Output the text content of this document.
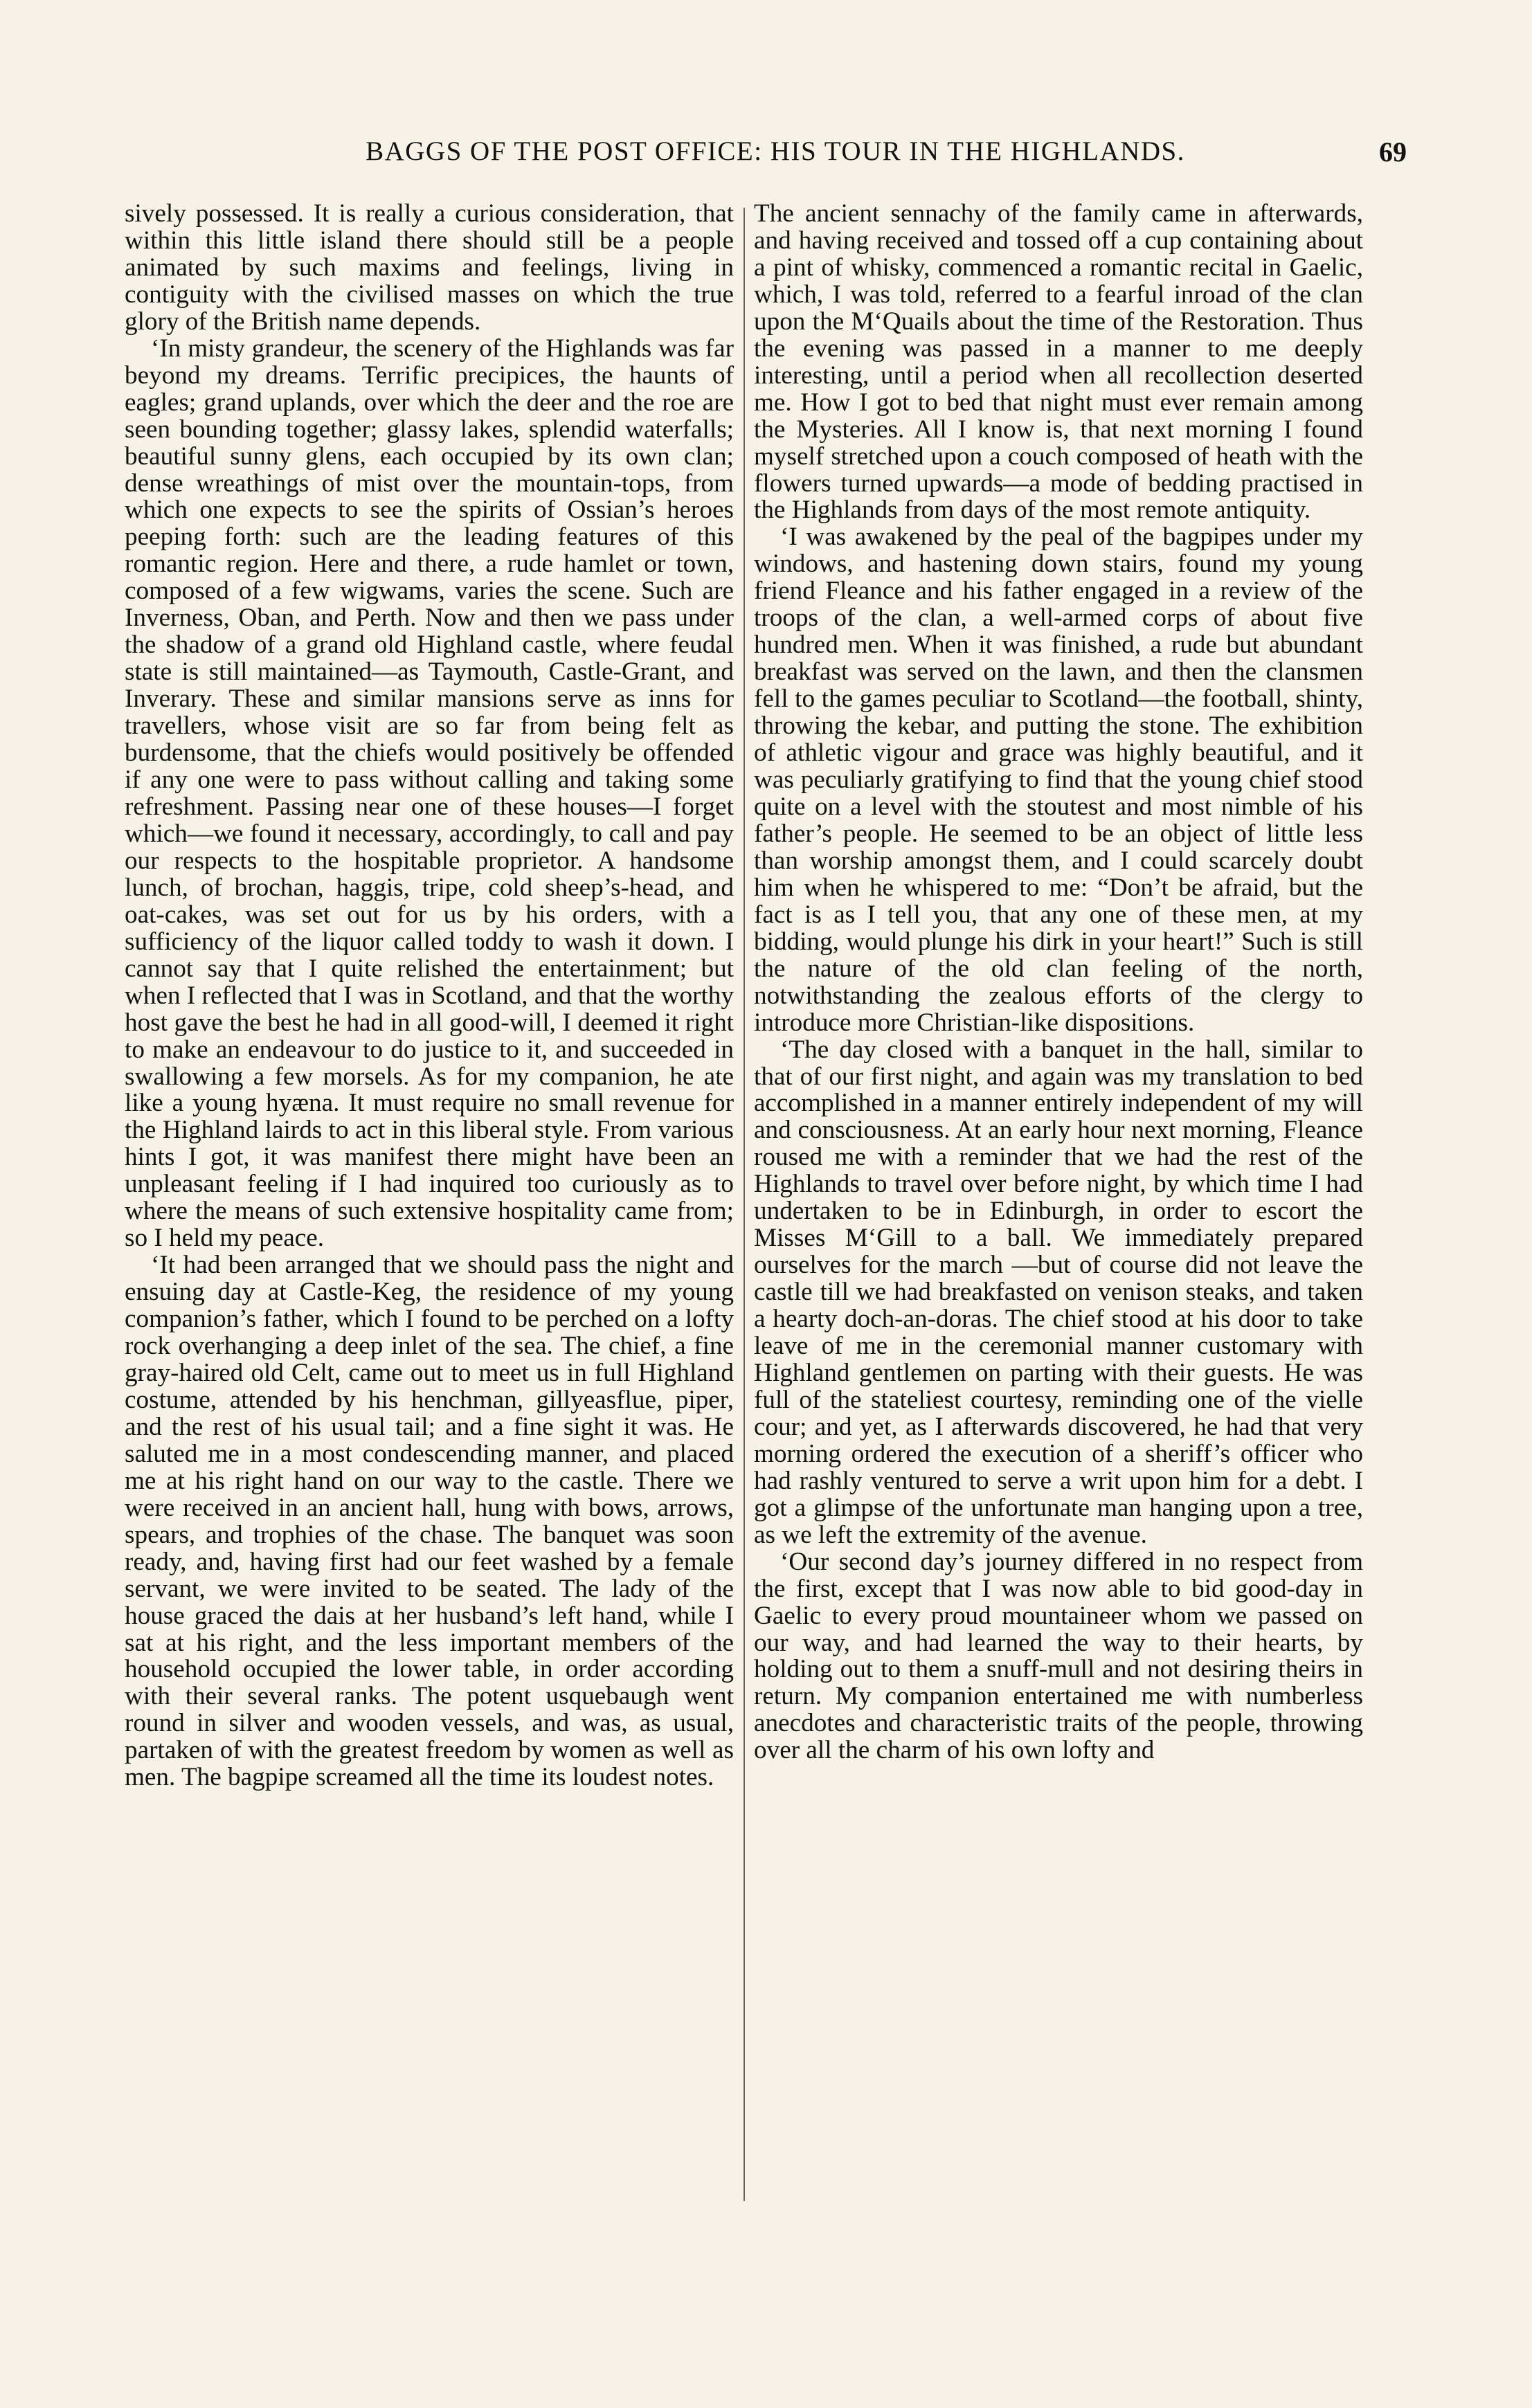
BAGGS OF THE POST OFFICE: HIS TOUR IN THE HIGHLANDS.	69

sively possessed. It is really a curious consideration, that within this little island there should still be a people animated by such maxims and feelings, living in contiguity with the civilised masses on which the true glory of the British name depends.

‘In misty grandeur, the scenery of the Highlands was far beyond my dreams. Terrific precipices, the haunts of eagles; grand uplands, over which the deer and the roe are seen bounding together; glassy lakes, splendid waterfalls; beautiful sunny glens, each occupied by its own clan; dense wreathings of mist over the mountain-tops, from which one expects to see the spirits of Ossian’s heroes peeping forth: such are the leading features of this romantic region. Here and there, a rude hamlet or town, composed of a few wigwams, varies the scene. Such are Inverness, Oban, and Perth. Now and then we pass under the shadow of a grand old Highland castle, where feudal state is still maintained—as Taymouth, Castle-Grant, and Inverary. These and similar mansions serve as inns for travellers, whose visit are so far from being felt as burdensome, that the chiefs would positively be offended if any one were to pass without calling and taking some refreshment. Passing near one of these houses—I forget which—we found it necessary, accordingly, to call and pay our respects to the hospitable proprietor. A handsome lunch, of brochan, haggis, tripe, cold sheep’s-head, and oat-cakes, was set out for us by his orders, with a sufficiency of the liquor called toddy to wash it down. I cannot say that I quite relished the entertainment; but when I reflected that I was in Scotland, and that the worthy host gave the best he had in all good-will, I deemed it right to make an endeavour to do justice to it, and succeeded in swallowing a few morsels. As for my companion, he ate like a young hyæna. It must require no small revenue for the Highland lairds to act in this liberal style. From various hints I got, it was manifest there might have been an unpleasant feeling if I had inquired too curiously as to where the means of such extensive hospitality came from; so I held my peace.

‘It had been arranged that we should pass the night and ensuing day at Castle-Keg, the residence of my young companion’s father, which I found to be perched on a lofty rock overhanging a deep inlet of the sea. The chief, a fine gray-haired old Celt, came out to meet us in full Highland costume, attended by his henchman, gillyeasflue, piper, and the rest of his usual tail; and a fine sight it was. He saluted me in a most condescending manner, and placed me at his right hand on our way to the castle. There we were received in an ancient hall, hung with bows, arrows, spears, and trophies of the chase. The banquet was soon ready, and, having first had our feet washed by a female servant, we were invited to be seated. The lady of the house graced the dais at her husband’s left hand, while I sat at his right, and the less important members of the household occupied the lower table, in order according with their several ranks. The potent usquebaugh went round in silver and wooden vessels, and was, as usual, partaken of with the greatest freedom by women as well as men. The bagpipe screamed all the time its loudest notes.

The ancient sennachy of the family came in afterwards, and having received and tossed off a cup containing about a pint of whisky, commenced a romantic recital in Gaelic, which, I was told, referred to a fearful inroad of the clan upon the M‘Quails about the time of the Restoration. Thus the evening was passed in a manner to me deeply interesting, until a period when all recollection deserted me. How I got to bed that night must ever remain among the Mysteries. All I know is, that next morning I found myself stretched upon a couch composed of heath with the flowers turned upwards—a mode of bedding practised in the Highlands from days of the most remote antiquity.

‘I was awakened by the peal of the bagpipes under my windows, and hastening down stairs, found my young friend Fleance and his father engaged in a review of the troops of the clan, a well-armed corps of about five hundred men. When it was finished, a rude but abundant breakfast was served on the lawn, and then the clansmen fell to the games peculiar to Scotland—the football, shinty, throwing the kebar, and putting the stone. The exhibition of athletic vigour and grace was highly beautiful, and it was peculiarly gratifying to find that the young chief stood quite on a level with the stoutest and most nimble of his father’s people. He seemed to be an object of little less than worship amongst them, and I could scarcely doubt him when he whispered to me: “Don’t be afraid, but the fact is as I tell you, that any one of these men, at my bidding, would plunge his dirk in your heart!” Such is still the nature of the old clan feeling of the north, notwithstanding the zealous efforts of the clergy to introduce more Christian-like dispositions.

‘The day closed with a banquet in the hall, similar to that of our first night, and again was my translation to bed accomplished in a manner entirely independent of my will and consciousness. At an early hour next morning, Fleance roused me with a reminder that we had the rest of the Highlands to travel over before night, by which time I had undertaken to be in Edinburgh, in order to escort the Misses M‘Gill to a ball. We immediately prepared ourselves for the march —but of course did not leave the castle till we had breakfasted on venison steaks, and taken a hearty doch-an-doras. The chief stood at his door to take leave of me in the ceremonial manner customary with Highland gentlemen on parting with their guests. He was full of the stateliest courtesy, reminding one of the vielle cour; and yet, as I afterwards discovered, he had that very morning ordered the execution of a sheriff’s officer who had rashly ventured to serve a writ upon him for a debt. I got a glimpse of the unfortunate man hanging upon a tree, as we left the extremity of the avenue.

‘Our second day’s journey differed in no respect from the first, except that I was now able to bid good-day in Gaelic to every proud mountaineer whom we passed on our way, and had learned the way to their hearts, by holding out to them a snuff-mull and not desiring theirs in return. My companion entertained me with numberless anecdotes and characteristic traits of the people, throwing over all the charm of his own lofty and
